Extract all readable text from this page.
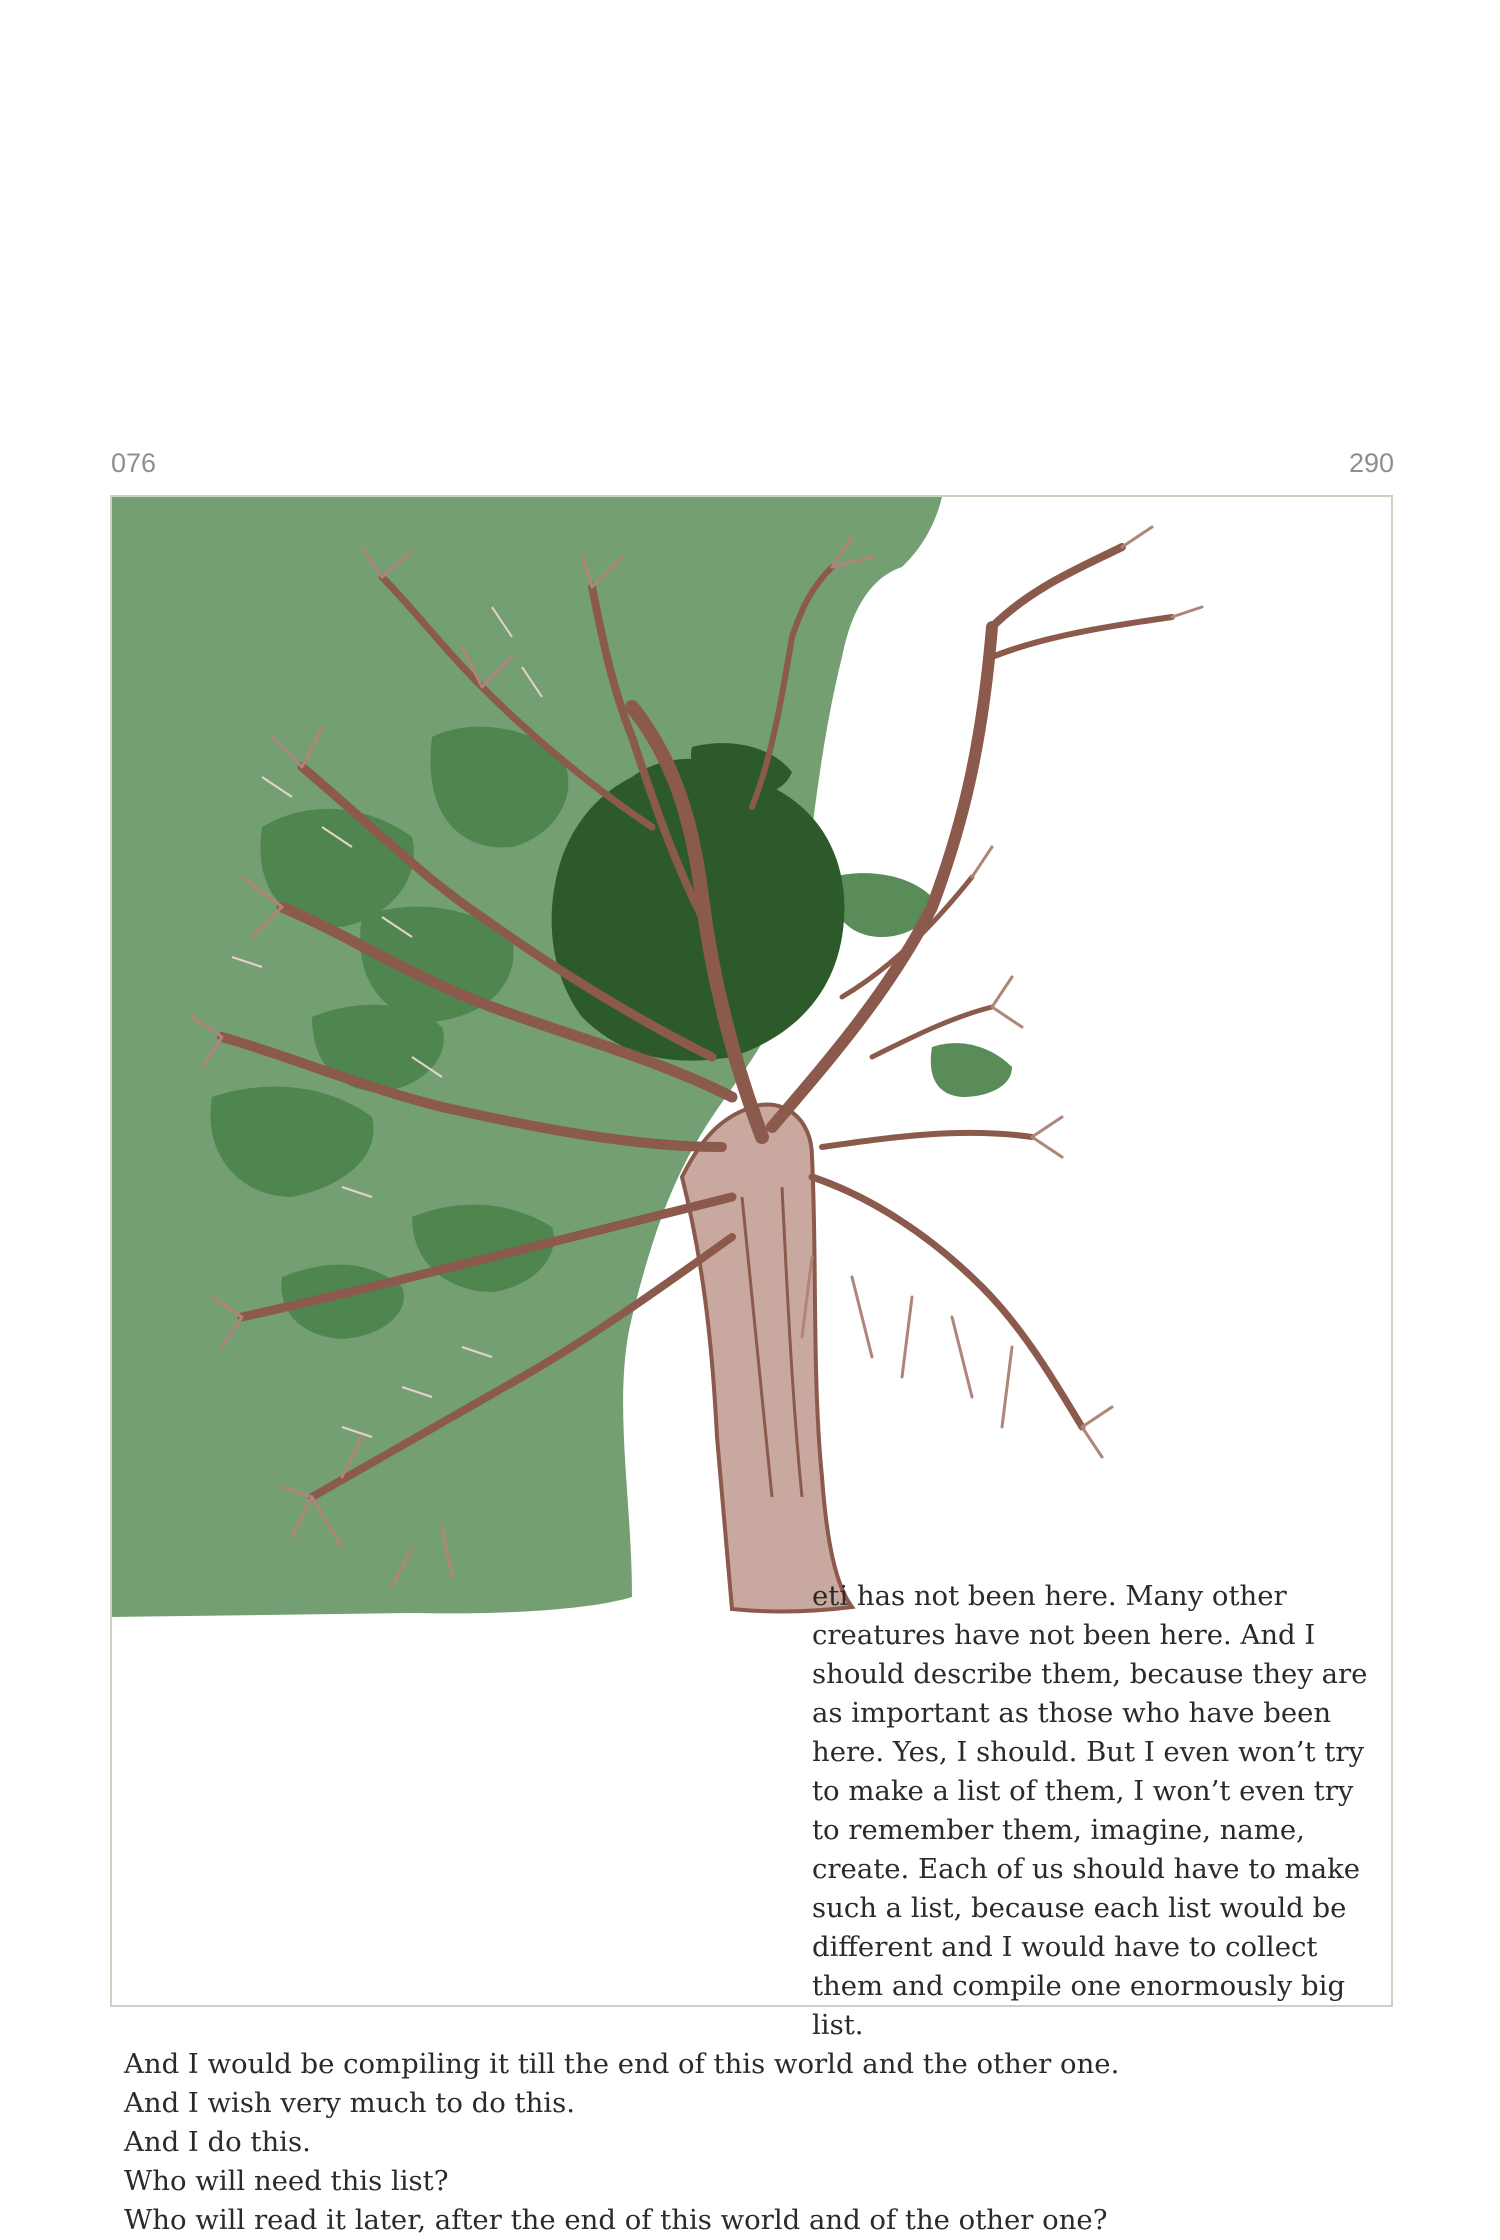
076	290

eti has not been here. Many other creatures have not been here. And I should describe them, because they are as important as those who have been here. Yes, I should. But I even won’t try to make a list of them, I won’t even try to remember them, imagine, name, create. Each of us should have to make such a list, because each list would be different and I would have to collect them and compile one enormously big list.

And I would be compiling it till the end of this world and the other one.

And I wish very much to do this.

And I do this.

Who will need this list?

Who will read it later, after the end of this world and of the other one?
